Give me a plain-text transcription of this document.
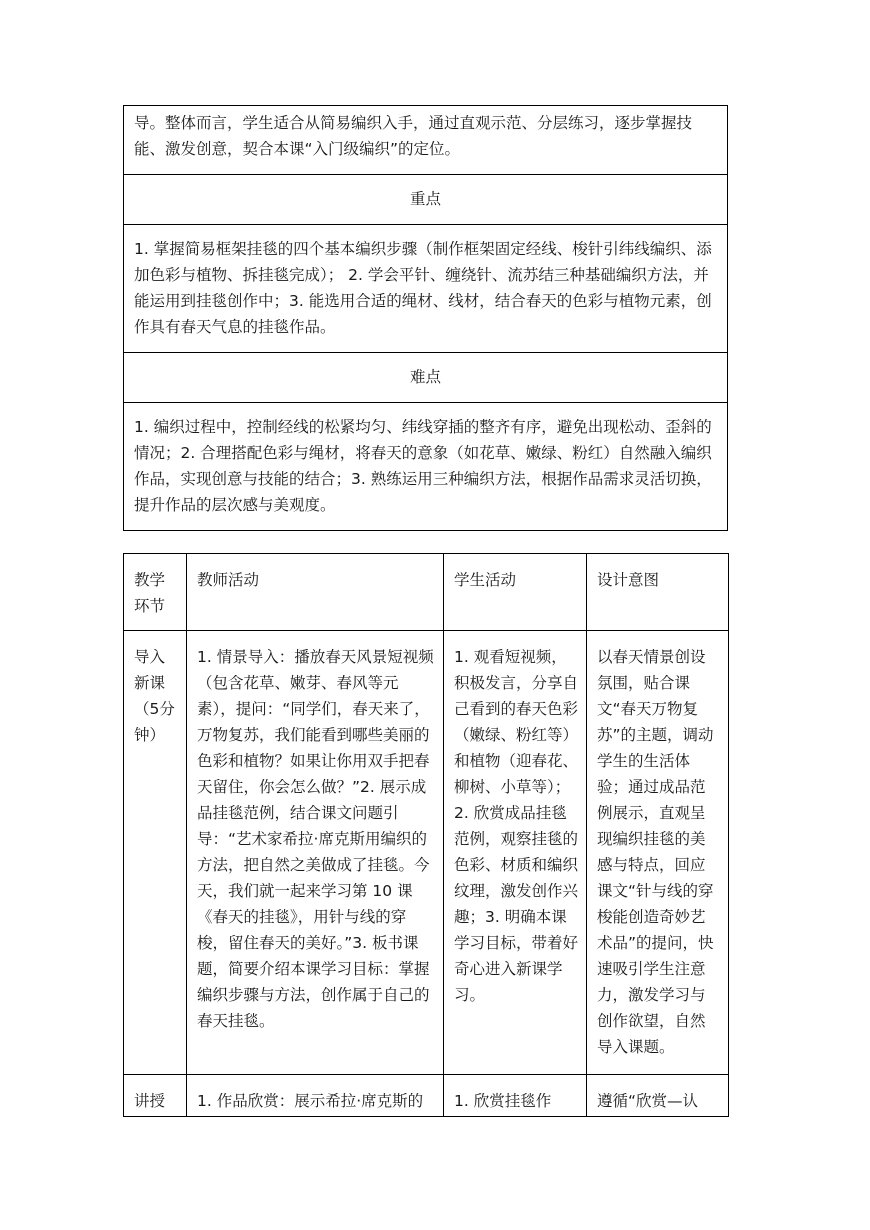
导。整体而言，学生适合从简易编织入手，通过直观示范、分层练习，逐步掌握技能、激发创意，契合本课“入门级编织”的定位。

重点

1. 掌握简易框架挂毯的四个基本编织步骤（制作框架固定经线、梭针引纬线编织、添加色彩与植物、拆挂毯完成）； 2. 学会平针、缠绕针、流苏结三种基础编织方法，并能运用到挂毯创作中；3. 能选用合适的绳材、线材，结合春天的色彩与植物元素，创作具有春天气息的挂毯作品。

难点

1. 编织过程中，控制经线的松紧均匀、纬线穿插的整齐有序，避免出现松动、歪斜的情况；2. 合理搭配色彩与绳材，将春天的意象（如花草、嫩绿、粉红）自然融入编织作品，实现创意与技能的结合；3. 熟练运用三种编织方法，根据作品需求灵活切换，提升作品的层次感与美观度。
教学环节	教师活动	学生活动	设计意图

导入新课（5分钟）	1. 情景导入：播放春天风景短视频（包含花草、嫩芽、春风等元素），提问：“同学们，春天来了，万物复苏，我们能看到哪些美丽的色彩和植物？如果让你用双手把春天留住，你会怎么做？”2. 展示成品挂毯范例，结合课文问题引导：“艺术家希拉·席克斯用编织的方法，把自然之美做成了挂毯。今天，我们就一起来学习第 10 课《春天的挂毯》，用针与线的穿梭，留住春天的美好。”3. 板书课题，简要介绍本课学习目标：掌握编织步骤与方法，创作属于自己的春天挂毯。	1. 观看短视频，积极发言，分享自己看到的春天色彩（嫩绿、粉红等）和植物（迎春花、柳树、小草等）；2. 欣赏成品挂毯范例，观察挂毯的色彩、材质和编织纹理，激发创作兴趣；3. 明确本课学习目标，带着好奇心进入新课学习。	以春天情景创设氛围，贴合课文“春天万物复苏”的主题，调动学生的生活体验；通过成品范例展示，直观呈现编织挂毯的美感与特点，回应课文“针与线的穿梭能创造奇妙艺术品”的提问，快速吸引学生注意力，激发学习与创作欲望，自然导入课题。

讲授	1. 作品欣赏：展示希拉·席克斯的	1. 欣赏挂毯作	遵循“欣赏—认
